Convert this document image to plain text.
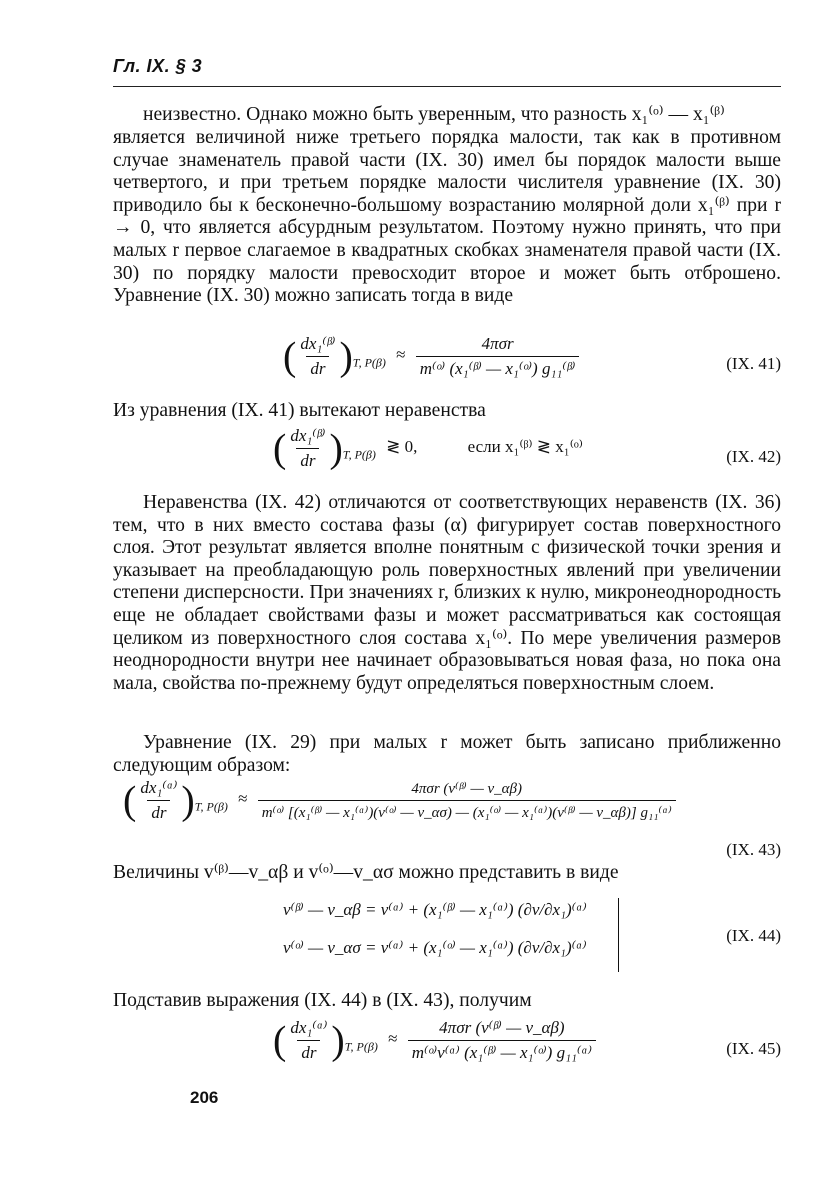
Гл. IX. § 3
неизвестно. Однако можно быть уверенным, что разность x₁⁽ᵒ⁾ — x₁⁽ᵝ⁾
является величиной ниже третьего порядка малости, так как в противном случае знаменатель правой части (IX. 30) имел бы порядок малости выше четвертого, и при третьем порядке малости числителя уравнение (IX. 30) приводило бы к бесконечно-большому возрастанию молярной доли x₁⁽ᵝ⁾ при r → 0, что является абсурдным результатом. Поэтому нужно принять, что при малых r первое слагаемое в квадратных скобках знаменателя правой части (IX. 30) по порядку малости превосходит второе и может быть отброшено. Уравнение (IX. 30) можно записать тогда в виде
( $\frac{\text{dx₁⁽ᵝ⁾}}{dr} )_{T, P(\beta)} \approx \frac{\text{4πσr}}{\text{m⁽ᵒ⁾ (x₁⁽ᵝ⁾ — x₁⁽ᵒ⁾) g₁₁⁽ᵝ⁾}}$	(IX. 41)
Из уравнения (IX. 41) вытекают неравенства
( $\frac{\text{dx₁⁽ᵝ⁾}}{dr} )_{T, P(\beta)}$ ≷ 0,	если x₁⁽ᵝ⁾ ≷ x₁⁽ᵒ⁾
(IX. 42)
Неравенства (IX. 42) отличаются от соответствующих неравенств (IX. 36) тем, что в них вместо состава фазы (α) фигурирует состав поверхностного слоя. Этот результат является вполне понятным с физической точки зрения и указывает на преобладающую роль поверхностных явлений при увеличении степени дисперсности. При значениях r, близких к нулю, микронеоднородность еще не обладает свойствами фазы и может рассматриваться как состоящая целиком из поверхностного слоя состава x₁⁽ᵒ⁾. По мере увеличения размеров неоднородности внутри нее начинает образовываться новая фаза, но пока она мала, свойства по-прежнему будут определяться поверхностным слоем.
Уравнение (IX. 29) при малых r может быть записано приближенно следующим образом:
( $\frac{\text{dx₁⁽ᵅ⁾}}{dr} )_{T, P(\beta)}$ ≈
4πσr (v⁽ᵝ⁾ — v_αβ)
m⁽ᵒ⁾ [(x₁⁽ᵝ⁾ — x₁⁽ᵅ⁾)(v⁽ᵒ⁾ — v_ασ) — (x₁⁽ᵒ⁾ — x₁⁽ᵅ⁾)(v⁽ᵝ⁾ — v_αβ)] g₁₁⁽ᵅ⁾
(IX. 43)
Величины v⁽ᵝ⁾—v_αβ и v⁽ᵒ⁾—v_ασ можно представить в виде
v⁽ᵝ⁾ — v_αβ = v⁽ᵅ⁾ + (x₁⁽ᵝ⁾ — x₁⁽ᵅ⁾) (∂v/∂x₁)⁽ᵅ⁾
v⁽ᵒ⁾ — v_ασ = v⁽ᵅ⁾ + (x₁⁽ᵒ⁾ — x₁⁽ᵅ⁾) (∂v/∂x₁)⁽ᵅ⁾
(IX. 44)
Подставив выражения (IX. 44) в (IX. 43), получим
( $\frac{\text{dx₁⁽ᵅ⁾}}{dr} )_{T, P(\beta)} \approx \frac{\text{4πσr (v⁽ᵝ⁾ — v\_αβ)}}{\text{m⁽ᵒ⁾v⁽ᵅ⁾ (x₁⁽ᵝ⁾ — x₁⁽ᵒ⁾) g₁₁⁽ᵅ⁾}}$	(IX. 45)
206
